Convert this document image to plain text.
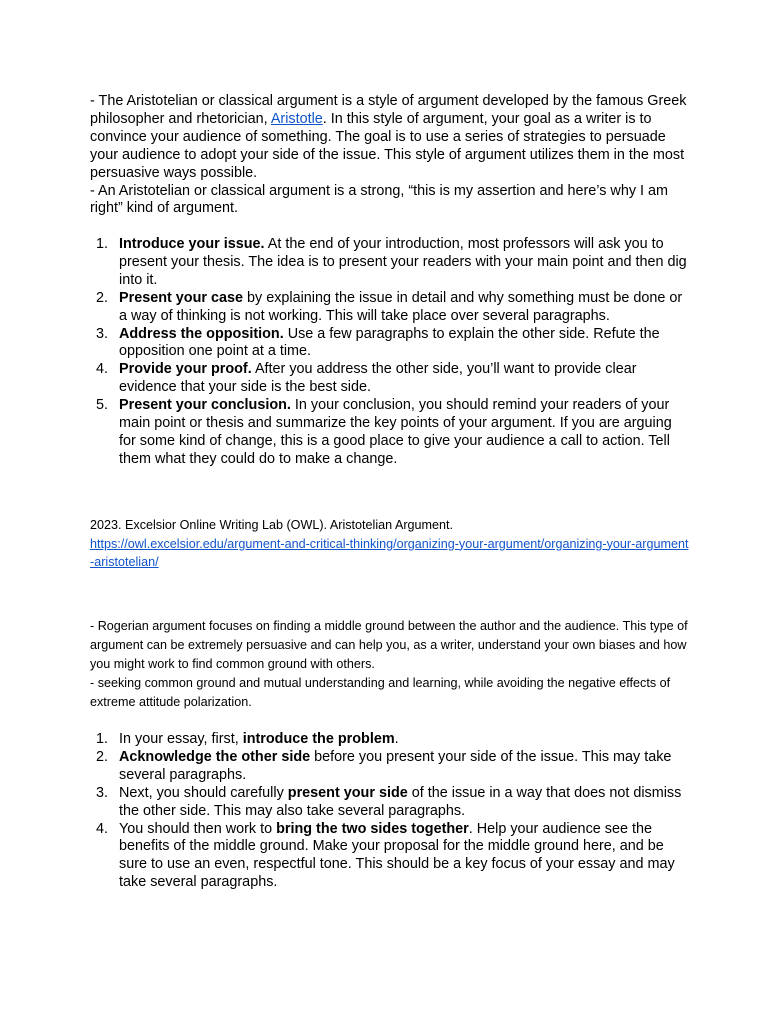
- The Aristotelian or classical argument is a style of argument developed by the famous Greek philosopher and rhetorician, Aristotle. In this style of argument, your goal as a writer is to convince your audience of something. The goal is to use a series of strategies to persuade your audience to adopt your side of the issue. This style of argument utilizes them in the most persuasive ways possible.

- An Aristotelian or classical argument is a strong, “this is my assertion and here’s why I am right” kind of argument.

1. Introduce your issue. At the end of your introduction, most professors will ask you to present your thesis. The idea is to present your readers with your main point and then dig into it.
2. Present your case by explaining the issue in detail and why something must be done or a way of thinking is not working. This will take place over several paragraphs.
3. Address the opposition. Use a few paragraphs to explain the other side. Refute the opposition one point at a time.
4. Provide your proof. After you address the other side, you’ll want to provide clear evidence that your side is the best side.
5. Present your conclusion. In your conclusion, you should remind your readers of your main point or thesis and summarize the key points of your argument. If you are arguing for some kind of change, this is a good place to give your audience a call to action. Tell them what they could do to make a change.
2023. Excelsior Online Writing Lab (OWL). Aristotelian Argument.
https://owl.excelsior.edu/argument-and-critical-thinking/organizing-your-argument/organizing-your-argument-aristotelian/

- Rogerian argument focuses on finding a middle ground between the author and the audience. This type of argument can be extremely persuasive and can help you, as a writer, understand your own biases and how you might work to find common ground with others.

- seeking common ground and mutual understanding and learning, while avoiding the negative effects of extreme attitude polarization.

1. In your essay, first, introduce the problem.
2. Acknowledge the other side before you present your side of the issue. This may take several paragraphs.
3. Next, you should carefully present your side of the issue in a way that does not dismiss the other side. This may also take several paragraphs.
4. You should then work to bring the two sides together. Help your audience see the benefits of the middle ground. Make your proposal for the middle ground here, and be sure to use an even, respectful tone. This should be a key focus of your essay and may take several paragraphs.
